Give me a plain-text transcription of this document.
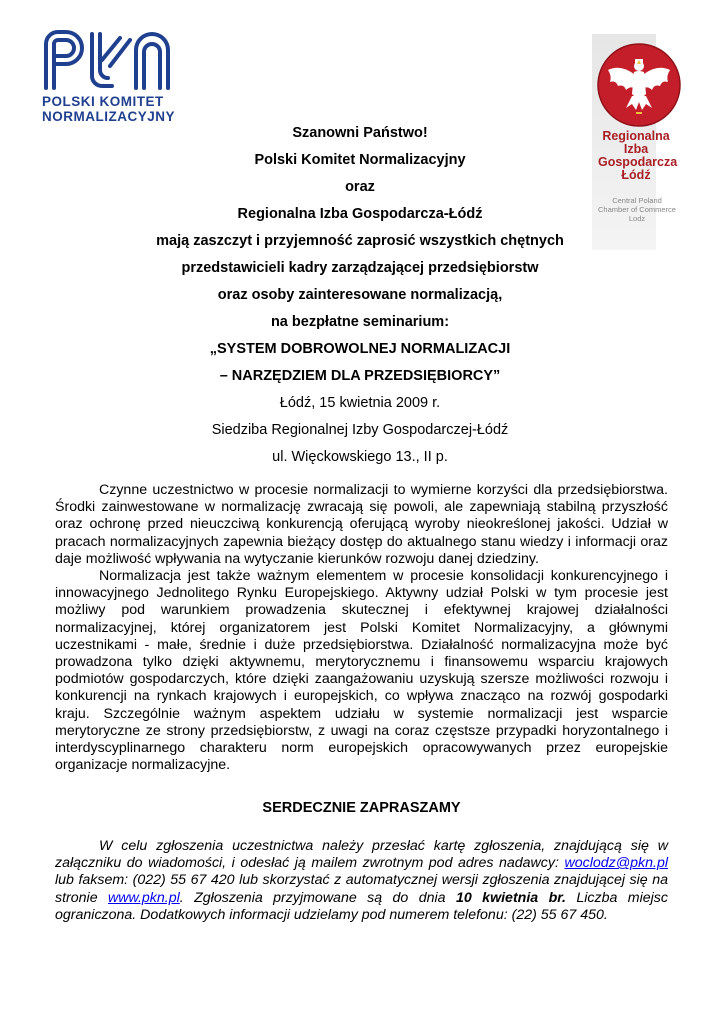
POLSKI KOMITET
NORMALIZACYJNY
Regionalna
Izba
Gospodarcza
Łódź
Central Poland
Chamber of Commerce
Lodz
Szanowni Państwo!
Polski Komitet Normalizacyjny
oraz
Regionalna Izba Gospodarcza-Łódź
mają zaszczyt i przyjemność zaprosić wszystkich chętnych
przedstawicieli kadry zarządzającej przedsiębiorstw
oraz osoby zainteresowane normalizacją,
na bezpłatne seminarium:
„SYSTEM DOBROWOLNEJ NORMALIZACJI
– NARZĘDZIEM DLA PRZEDSIĘBIORCY”
Łódź, 15 kwietnia 2009 r.
Siedziba Regionalnej Izby Gospodarczej-Łódź
ul. Więckowskiego 13., II p.

Czynne uczestnictwo w procesie normalizacji to wymierne korzyści dla przedsiębiorstwa. Środki zainwestowane w normalizację zwracają się powoli, ale zapewniają stabilną przyszłość oraz ochronę przed nieuczciwą konkurencją oferującą wyroby nieokreślonej jakości. Udział w pracach normalizacyjnych zapewnia bieżący dostęp do aktualnego stanu wiedzy i informacji oraz daje możliwość wpływania na wytyczanie kierunków rozwoju danej dziedziny.

Normalizacja jest także ważnym elementem w procesie konsolidacji konkurencyjnego i innowacyjnego Jednolitego Rynku Europejskiego. Aktywny udział Polski w tym procesie jest możliwy pod warunkiem prowadzenia skutecznej i efektywnej krajowej działalności normalizacyjnej, której organizatorem jest Polski Komitet Normalizacyjny, a głównymi uczestnikami - małe, średnie i duże przedsiębiorstwa. Działalność normalizacyjna może być prowadzona tylko dzięki aktywnemu, merytorycznemu i finansowemu wsparciu krajowych podmiotów gospodarczych, które dzięki zaangażowaniu uzyskują szersze możliwości rozwoju i konkurencji na rynkach krajowych i europejskich, co wpływa znacząco na rozwój gospodarki kraju. Szczególnie ważnym aspektem udziału w systemie normalizacji jest wsparcie merytoryczne ze strony przedsiębiorstw, z uwagi na coraz częstsze przypadki horyzontalnego i interdyscyplinarnego charakteru norm europejskich opracowywanych przez europejskie organizacje normalizacyjne.

SERDECZNIE ZAPRASZAMY

W celu zgłoszenia uczestnictwa należy przesłać kartę zgłoszenia, znajdującą się w załączniku do wiadomości, i odesłać ją mailem zwrotnym pod adres nadawcy: woclodz@pkn.pl lub faksem: (022) 55 67 420 lub skorzystać z automatycznej wersji zgłoszenia znajdującej się na stronie www.pkn.pl. Zgłoszenia przyjmowane są do dnia 10 kwietnia br. Liczba miejsc ograniczona. Dodatkowych informacji udzielamy pod numerem telefonu: (22) 55 67 450.
